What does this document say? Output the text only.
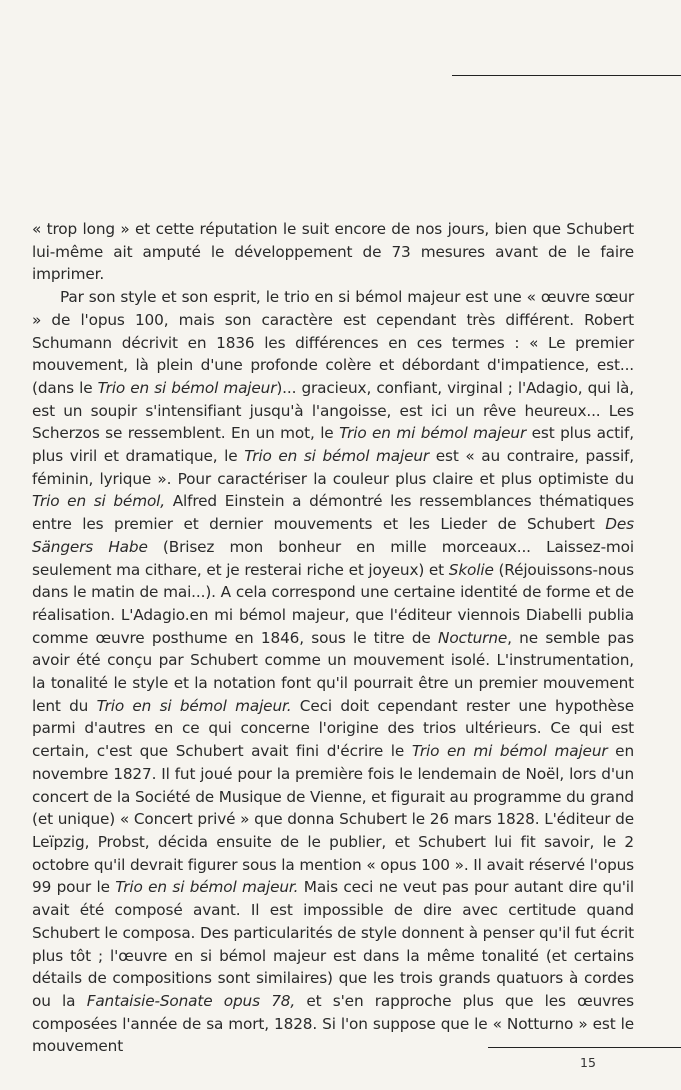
« trop long » et cette réputation le suit encore de nos jours, bien que Schubert lui-même ait amputé le développement de 73 mesures avant de le faire imprimer.

Par son style et son esprit, le trio en si bémol majeur est une « œuvre sœur » de l'opus 100, mais son caractère est cependant très différent. Robert Schumann décrivit en 1836 les différences en ces termes : « Le premier mouvement, là plein d'une profonde colère et débordant d'impatience, est... (dans le Trio en si bémol majeur)... gracieux, confiant, virginal ; l'Adagio, qui là, est un soupir s'intensifiant jusqu'à l'angoisse, est ici un rêve heureux... Les Scherzos se ressemblent. En un mot, le Trio en mi bémol majeur est plus actif, plus viril et dramatique, le Trio en si bémol majeur est « au contraire, passif, féminin, lyrique ». Pour caractériser la couleur plus claire et plus optimiste du Trio en si bémol, Alfred Einstein a démontré les ressemblances thématiques entre les premier et dernier mouvements et les Lieder de Schubert Des Sängers Habe (Brisez mon bonheur en mille morceaux... Laissez-moi seulement ma cithare, et je resterai riche et joyeux) et Skolie (Réjouissons-nous dans le matin de mai...). A cela correspond une certaine identité de forme et de réalisation. L'Adagio.en mi bémol majeur, que l'éditeur viennois Diabelli publia comme œuvre posthume en 1846, sous le titre de Nocturne, ne semble pas avoir été conçu par Schubert comme un mouvement isolé. L'instrumentation, la tonalité le style et la notation font qu'il pourrait être un premier mouvement lent du Trio en si bémol majeur. Ceci doit cependant rester une hypothèse parmi d'autres en ce qui concerne l'origine des trios ultérieurs. Ce qui est certain, c'est que Schubert avait fini d'écrire le Trio en mi bémol majeur en novembre 1827. Il fut joué pour la première fois le lendemain de Noël, lors d'un concert de la Société de Musique de Vienne, et figurait au programme du grand (et unique) « Concert privé » que donna Schubert le 26 mars 1828. L'éditeur de Leïpzig, Probst, décida ensuite de le publier, et Schubert lui fit savoir, le 2 octobre qu'il devrait figurer sous la mention « opus 100 ». Il avait réservé l'opus 99 pour le Trio en si bémol majeur. Mais ceci ne veut pas pour autant dire qu'il avait été composé avant. Il est impossible de dire avec certitude quand Schubert le composa. Des particularités de style donnent à penser qu'il fut écrit plus tôt ; l'œuvre en si bémol majeur est dans la même tonalité (et certains détails de compositions sont similaires) que les trois grands quatuors à cordes ou la Fantaisie-Sonate opus 78, et s'en rapproche plus que les œuvres composées l'année de sa mort, 1828. Si l'on suppose que le « Notturno » est le mouvement

15
